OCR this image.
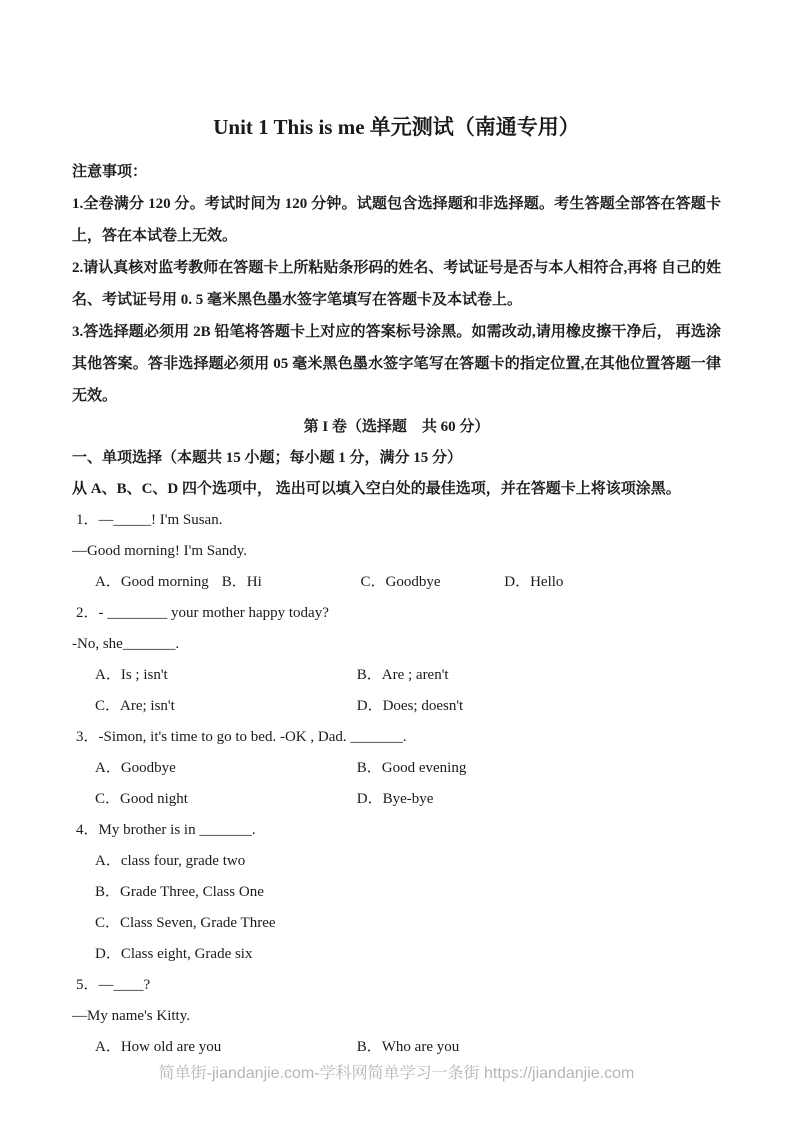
Unit 1 This is me 单元测试（南通专用）

注意事项：

1.全卷满分 120 分。考试时间为 120 分钟。试题包含选择题和非选择题。考生答题全部答在答题卡上，答在本试卷上无效。

2.请认真核对监考教师在答题卡上所粘贴条形码的姓名、考试证号是否与本人相符合,再将 自己的姓名、考试证号用 0. 5 毫米黑色墨水签字笔填写在答题卡及本试卷上。

3.答选择题必须用 2B 铅笔将答题卡上对应的答案标号涂黑。如需改动,请用橡皮擦干净后， 再选涂其他答案。答非选择题必须用 05 毫米黑色墨水签字笔写在答题卡的指定位置,在其他位置答题一律无效。

第 I 卷（选择题　共 60 分）

一、单项选择（本题共 15 小题；每小题 1 分，满分 15 分）

从 A、B、C、D 四个选项中， 选出可以填入空白处的最佳选项，并在答题卡上将该项涂黑。

1．—_____! I'm Susan.

—Good morning! I'm Sandy.

A．Good morning B．Hi	C．Goodbye	D．Hello

2．- ________ your mother happy today?

-No, she_______.

A．Is ; isn't	B．Are ; aren't

C．Are; isn't	D．Does; doesn't

3．-Simon, it's time to go to bed. -OK , Dad. _______.

A．Goodbye	B．Good evening

C．Good night	D．Bye-bye

4．My brother is in _______.

A．class four, grade two

B．Grade Three, Class One

C．Class Seven, Grade Three

D．Class eight, Grade six

5．—____?

—My name's Kitty.

A．How old are you	B．Who are you

简单街-jiandanjie.com-学科网简单学习一条街 https://jiandanjie.com
